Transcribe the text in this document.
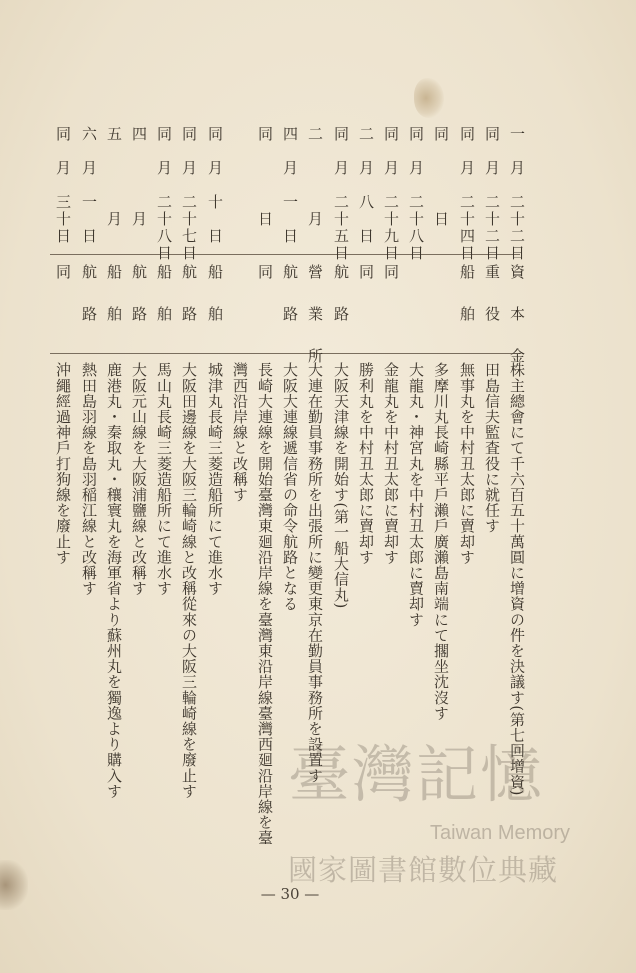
一　月　二十二日
資　本　金
株主總會にて千六百五十萬圓に增資の件を決議す(第七回增資)
同　月　二十二日
重　役
田島信夫監査役に就任す
同　月　二十四日
船　舶
無事丸を中村丑太郎に賣却す
同　　　　日
多摩川丸長崎縣平戶瀨戶廣瀨島南端にて擱坐沈沒す
同　月　二十八日
大龍丸・神宮丸を中村丑太郎に賣却す
同　月　二十九日
同
金龍丸を中村丑太郎に賣却す
二　月　八　日
同
勝利丸を中村丑太郎に賣却す
同　月　二十五日
航　路
大阪天津線を開始す(第一船大信丸)
二　　　　月
營　業　所
大連在勤員事務所を出張所に變更東京在勤員事務所を設置す
四　月　一　日
航　路
大阪大連線遞信省の命令航路となる
同　　　　日
同
長崎大連線を開始臺灣東廻沿岸線を臺灣東沿岸線臺灣西廻沿岸線を臺
灣西沿岸線と改稱す
同　月　十　日
船　舶
城津丸長崎三菱造船所にて進水す
同　月　二十七日
航　路
大阪田邊線を大阪三輪崎線と改稱從來の大阪三輪崎線を廢止す
同　月　二十八日
船　舶
馬山丸長崎三菱造船所にて進水す
四　　　　月
航　路
大阪元山線を大阪浦鹽線と改稱す
五　　　　月
船　舶
鹿港丸・秦取丸・穰寰丸を海軍省より蘇州丸を獨逸より購入す
六　月　一　日
航　路
熱田島羽線を島羽稲江線と改稱す
同　月　三十日
同
沖繩經過神戶打狗線を廢止す
臺灣記憶
Taiwan Memory
國家圖書館數位典藏
— 30 —
